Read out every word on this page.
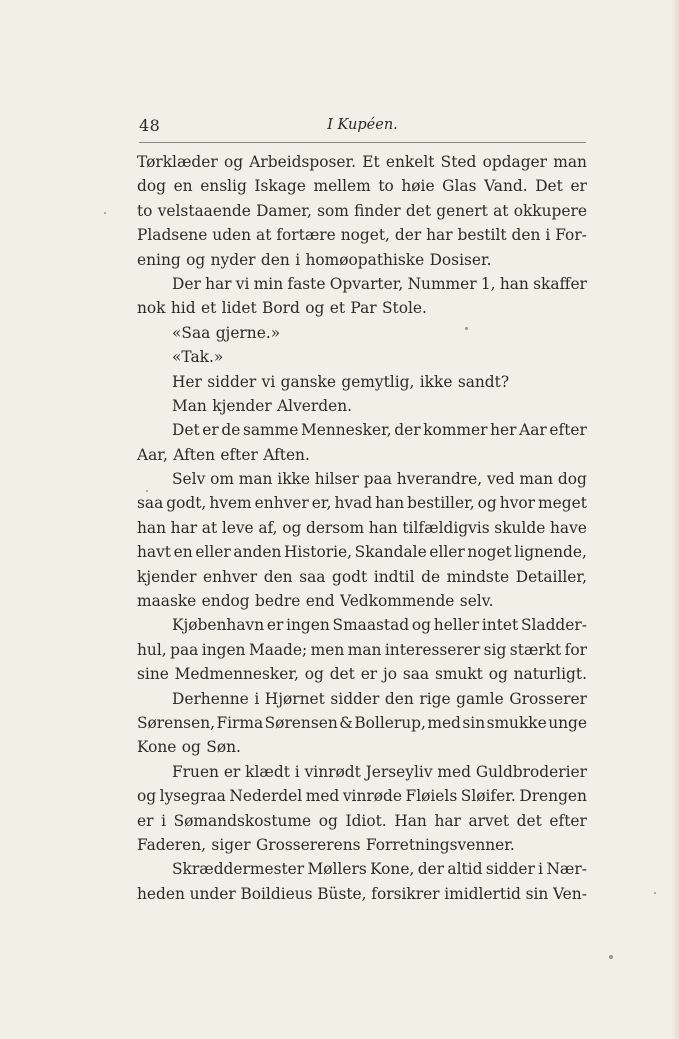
48	I Kupéen.
Tørklæder og Arbeidsposer. Et enkelt Sted opdager man
dog en enslig Iskage mellem to høie Glas Vand. Det er
to velstaaende Damer, som finder det genert at okkupere
Pladsene uden at fortære noget, der har bestilt den i For-
ening og nyder den i homøopathiske Dosiser.
Der har vi min faste Opvarter, Nummer 1, han skaffer
nok hid et lidet Bord og et Par Stole.
«Saa gjerne.»
«Tak.»
Her sidder vi ganske gemytlig, ikke sandt?
Man kjender Alverden.
Det er de samme Mennesker, der kommer her Aar efter
Aar, Aften efter Aften.
Selv om man ikke hilser paa hverandre, ved man dog
saa godt, hvem enhver er, hvad han bestiller, og hvor meget
han har at leve af, og dersom han tilfældigvis skulde have
havt en eller anden Historie, Skandale eller noget lignende,
kjender enhver den saa godt indtil de mindste Detailler,
maaske endog bedre end Vedkommende selv.
Kjøbenhavn er ingen Smaastad og heller intet Sladder-
hul, paa ingen Maade; men man interesserer sig stærkt for
sine Medmennesker, og det er jo saa smukt og naturligt.
Derhenne i Hjørnet sidder den rige gamle Grosserer
Sørensen, Firma Sørensen & Bollerup, med sin smukke unge
Kone og Søn.
Fruen er klædt i vinrødt Jerseyliv med Guldbroderier
og lysegraa Nederdel med vinrøde Fløiels Sløifer. Drengen
er i Sømandskostume og Idiot. Han har arvet det efter
Faderen, siger Grossererens Forretningsvenner.
Skræddermester Møllers Kone, der altid sidder i Nær-
heden under Boildieus Büste, forsikrer imidlertid sin Ven-
